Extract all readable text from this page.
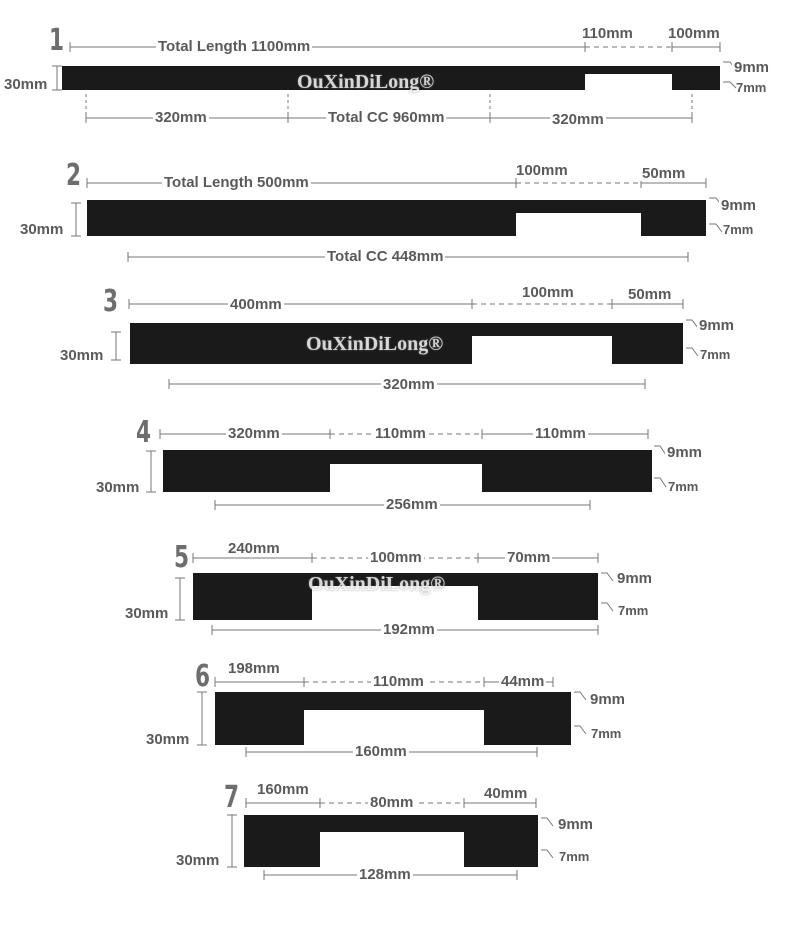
1	Total Length 1100mm
110mm 100mm
30mm
9mm
7mm
320mm	Total CC 960mm	320mm
OuXinDiLong®
2	Total Length 500mm
100mm	50mm
30mm
9mm
7mm
Total CC 448mm
3	400mm
100mm	50mm
30mm
9mm
7mm
320mm
OuXinDiLong®
4	320mm	110mm	110mm
30mm
9mm
7mm
256mm
5	240mm
100mm	70mm
30mm
9mm
7mm
192mm
OuXinDiLong®
6 198mm
110mm	44mm
30mm
9mm
7mm
160mm
7 160mm
80mm
40mm
30mm
9mm
7mm
128mm
